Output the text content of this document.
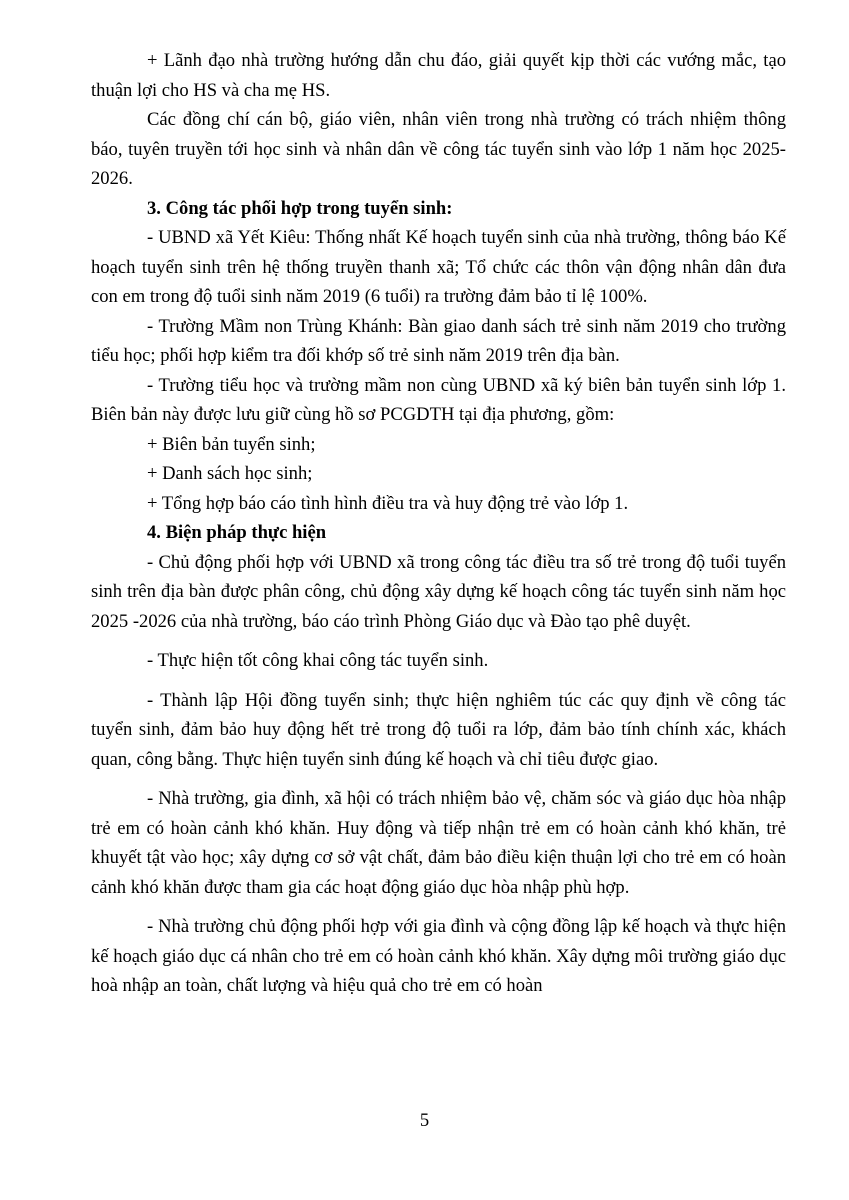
+ Lãnh đạo nhà trường hướng dẫn chu đáo, giải quyết kịp thời các vướng mắc, tạo thuận lợi cho HS và cha mẹ HS.

Các đồng chí cán bộ, giáo viên, nhân viên trong nhà trường có trách nhiệm thông báo, tuyên truyền tới học sinh và nhân dân về công tác tuyển sinh vào lớp 1 năm học 2025-2026.

3. Công tác phối hợp trong tuyển sinh:

- UBND xã Yết Kiêu: Thống nhất Kế hoạch tuyển sinh của nhà trường, thông báo Kế hoạch tuyển sinh trên hệ thống truyền thanh xã; Tổ chức các thôn vận động nhân dân đưa con em trong độ tuổi sinh năm 2019 (6 tuổi) ra trường đảm bảo tỉ lệ 100%.

- Trường Mầm non Trùng Khánh: Bàn giao danh sách trẻ sinh năm 2019 cho trường tiểu học; phối hợp kiểm tra đối khớp số trẻ sinh năm 2019 trên địa bàn.

- Trường tiểu học và trường mầm non cùng UBND xã ký biên bản tuyển sinh lớp 1. Biên bản này được lưu giữ cùng hồ sơ PCGDTH tại địa phương, gồm:

+ Biên bản tuyển sinh;

+ Danh sách học sinh;

+ Tổng hợp báo cáo tình hình điều tra và huy động trẻ vào lớp 1.

4. Biện pháp thực hiện

- Chủ động phối hợp với UBND xã trong công tác điều tra số trẻ trong độ tuổi tuyển sinh trên địa bàn được phân công, chủ động xây dựng kế hoạch công tác tuyển sinh năm học 2025 -2026 của nhà trường, báo cáo trình Phòng Giáo dục và Đào tạo phê duyệt.

- Thực hiện tốt công khai công tác tuyển sinh.

- Thành lập Hội đồng tuyển sinh; thực hiện nghiêm túc các quy định về công tác tuyển sinh, đảm bảo huy động hết trẻ trong độ tuổi ra lớp, đảm bảo tính chính xác, khách quan, công bằng. Thực hiện tuyển sinh đúng kế hoạch và chỉ tiêu được giao.

- Nhà trường, gia đình, xã hội có trách nhiệm bảo vệ, chăm sóc và giáo dục hòa nhập trẻ em có hoàn cảnh khó khăn. Huy động và tiếp nhận trẻ em có hoàn cảnh khó khăn, trẻ khuyết tật vào học; xây dựng cơ sở vật chất, đảm bảo điều kiện thuận lợi cho trẻ em có hoàn cảnh khó khăn được tham gia các hoạt động giáo dục hòa nhập phù hợp.

- Nhà trường chủ động phối hợp với gia đình và cộng đồng lập kế hoạch và thực hiện kế hoạch giáo dục cá nhân cho trẻ em có hoàn cảnh khó khăn. Xây dựng môi trường giáo dục hoà nhập an toàn, chất lượng và hiệu quả cho trẻ em có hoàn

5
